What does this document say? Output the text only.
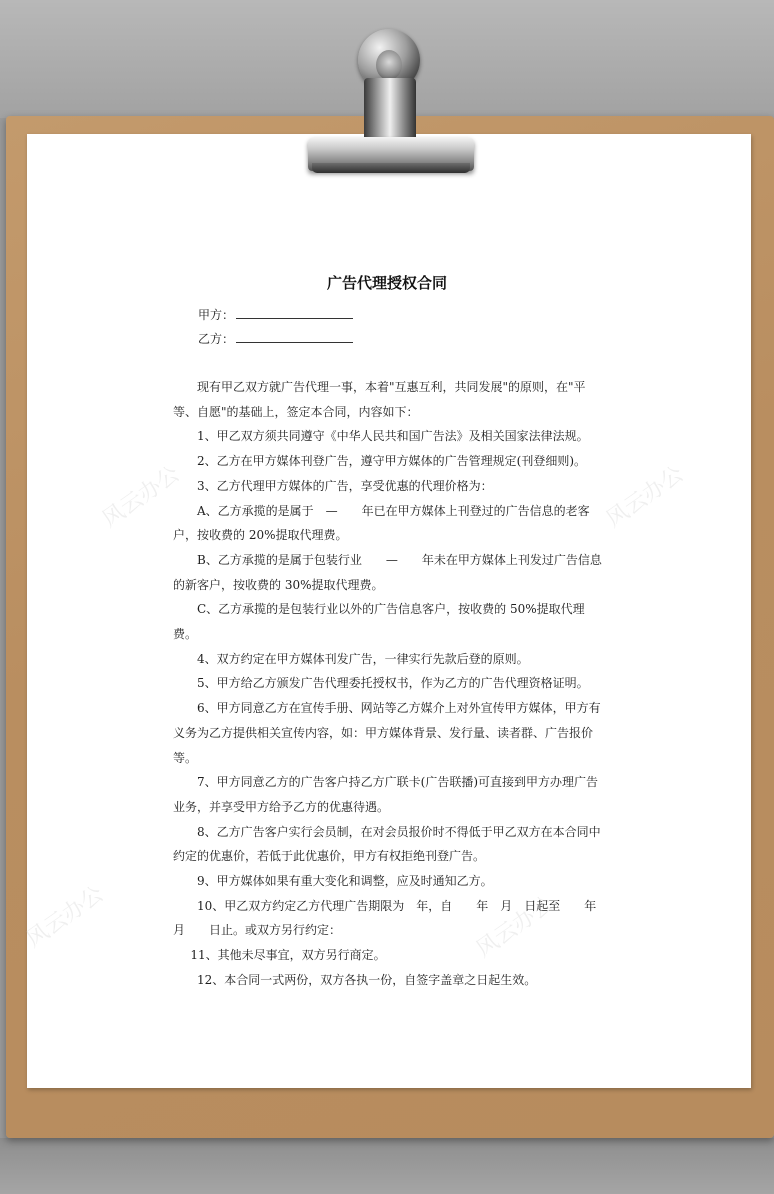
风云办公	风云办公
风云办公	风云办公
广告代理授权合同
甲方：
乙方：

现有甲乙双方就广告代理一事，本着"互惠互利，共同发展"的原则，在"平等、自愿"的基础上，签定本合同，内容如下：

1、甲乙双方须共同遵守《中华人民共和国广告法》及相关国家法律法规。

2、乙方在甲方媒体刊登广告，遵守甲方媒体的广告管理规定(刊登细则)。

3、乙方代理甲方媒体的广告，享受优惠的代理价格为：

A、乙方承揽的是属于　—　　年已在甲方媒体上刊登过的广告信息的老客户，按收费的 20%提取代理费。

B、乙方承揽的是属于包装行业　　—　　年未在甲方媒体上刊发过广告信息的新客户，按收费的 30%提取代理费。

C、乙方承揽的是包装行业以外的广告信息客户，按收费的 50%提取代理费。

4、双方约定在甲方媒体刊发广告，一律实行先款后登的原则。

5、甲方给乙方颁发广告代理委托授权书，作为乙方的广告代理资格证明。

6、甲方同意乙方在宣传手册、网站等乙方媒介上对外宣传甲方媒体，甲方有义务为乙方提供相关宣传内容，如：甲方媒体背景、发行量、读者群、广告报价等。

7、甲方同意乙方的广告客户持乙方广联卡(广告联播)可直接到甲方办理广告业务，并享受甲方给予乙方的优惠待遇。

8、乙方广告客户实行会员制，在对会员报价时不得低于甲乙双方在本合同中约定的优惠价，若低于此优惠价，甲方有权拒绝刊登广告。

9、甲方媒体如果有重大变化和调整，应及时通知乙方。

10、甲乙双方约定乙方代理广告期限为　年，自　　年　月　日起至　　年　月　　日止。或双方另行约定：

11、其他未尽事宜，双方另行商定。

12、本合同一式两份，双方各执一份，自签字盖章之日起生效。
